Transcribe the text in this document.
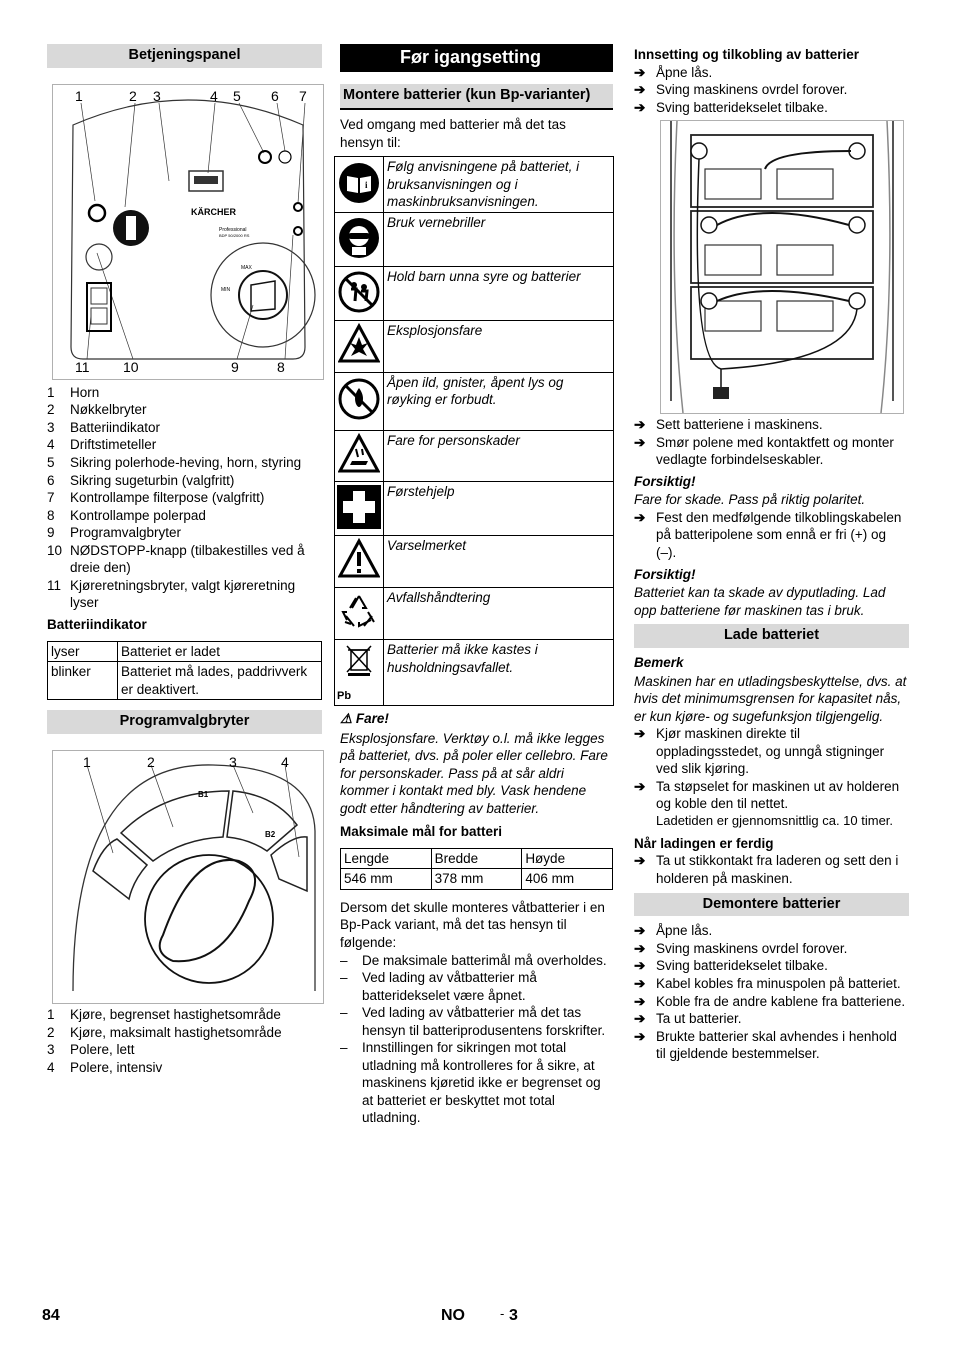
Betjeningspanel
KÄRCHER
Professional
BDP 50/2000 RS
MAX
MIN
1	2 3	4 5 6 7
11 10	9	8
1	Horn
2	Nøkkelbryter
3	Batteriindikator
4	Driftstimeteller
5	Sikring polerhode-heving, horn, styring
6	Sikring sugeturbin (valgfritt)
7	Kontrollampe filterpose (valgfritt)
8	Kontrollampe polerpad
9	Programvalgbryter
10 NØDSTOPP-knapp (tilbakestilles ved å dreie den)
11 Kjøreretningsbryter, valgt kjøreretning lyser
Batteriindikator
lyser	Batteriet er ladet
blinker	Batteriet må lades, paddrivverk er deaktivert.
Programvalgbryter
B1
B2
1	2	3	4
1	Kjøre, begrenset hastighetsområde
2	Kjøre, maksimalt hastighetsområde
3	Polere, lett
4	Polere, intensiv
Før igangsetting
Montere batterier (kun Bp-varianter)
Ved omgang med batterier må det tas hensyn til:
i	Følg anvisningene på batteriet, i bruksanvisningen og i maskinbruksanvisningen.
	Bruk vernebriller
	Hold barn unna syre og batterier
	Eksplosjonsfare
	Åpen ild, gnister, åpent lys og røyking er forbudt.
	Fare for personskader
	Førstehjelp
	Varselmerket
	Avfallshåndtering

Pb	Batterier må ikke kastes i husholdningsavfallet.
⚠ Fare!
Eksplosjonsfare. Verktøy o.l. må ikke legges på batteriet, dvs. på poler eller cellebro. Fare for personskader. Pass på at sår aldri kommer i kontakt med bly. Vask hendene godt etter håndtering av batterier.
Maksimale mål for batteri
Lengde	Bredde	Høyde
546 mm	378 mm	406 mm
Dersom det skulle monteres våtbatterier i en Bp-Pack variant, må det tas hensyn til følgende:
–	De maksimale batterimål må overholdes.
–	Ved lading av våtbatterier må batteridekselet være åpnet.
–	Ved lading av våtbatterier må det tas hensyn til batteriprodusentens forskrifter.
–	Innstillingen for sikringen mot total utladning må kontrolleres for å sikre, at maskinens kjøretid ikke er begrenset og at batteriet er beskyttet mot total utladning.
Innsetting og tilkobling av batterier
➔ Åpne lås.
➔ Sving maskinens ovrdel forover.
➔ Sving batteridekselet tilbake.
➔ Sett batteriene i maskinens.
➔ Smør polene med kontaktfett og monter vedlagte forbindelseskabler.
Forsiktig!
Fare for skade. Pass på riktig polaritet.
➔ Fest den medfølgende tilkoblingskabelen på batteripolene som ennå er fri (+) og (–).
Forsiktig!
Batteriet kan ta skade av dyputlading. Lad opp batteriene før maskinen tas i bruk.
Lade batteriet
Bemerk
Maskinen har en utladingsbeskyttelse, dvs. at hvis det minimumsgrensen for kapasitet nås, er kun kjøre- og sugefunksjon tilgjengelig.
➔ Kjør maskinen direkte til oppladingsstedet, og unngå stigninger ved slik kjøring.
➔ Ta støpselet for maskinen ut av holderen og koble den til nettet.
Ladetiden er gjennomsnittlig ca. 10 timer.
Når ladingen er ferdig
➔ Ta ut stikkontakt fra laderen og sett den i holderen på maskinen.
Demontere batterier
➔ Åpne lås.
➔ Sving maskinens ovrdel forover.
➔ Sving batteridekselet tilbake.
➔ Kabel kobles fra minuspolen på batteriet.
➔ Koble fra de andre kablene fra batteriene.
➔ Ta ut batterier.
➔ Brukte batterier skal avhendes i henhold til gjeldende bestemmelser.
84	NO	- 3
